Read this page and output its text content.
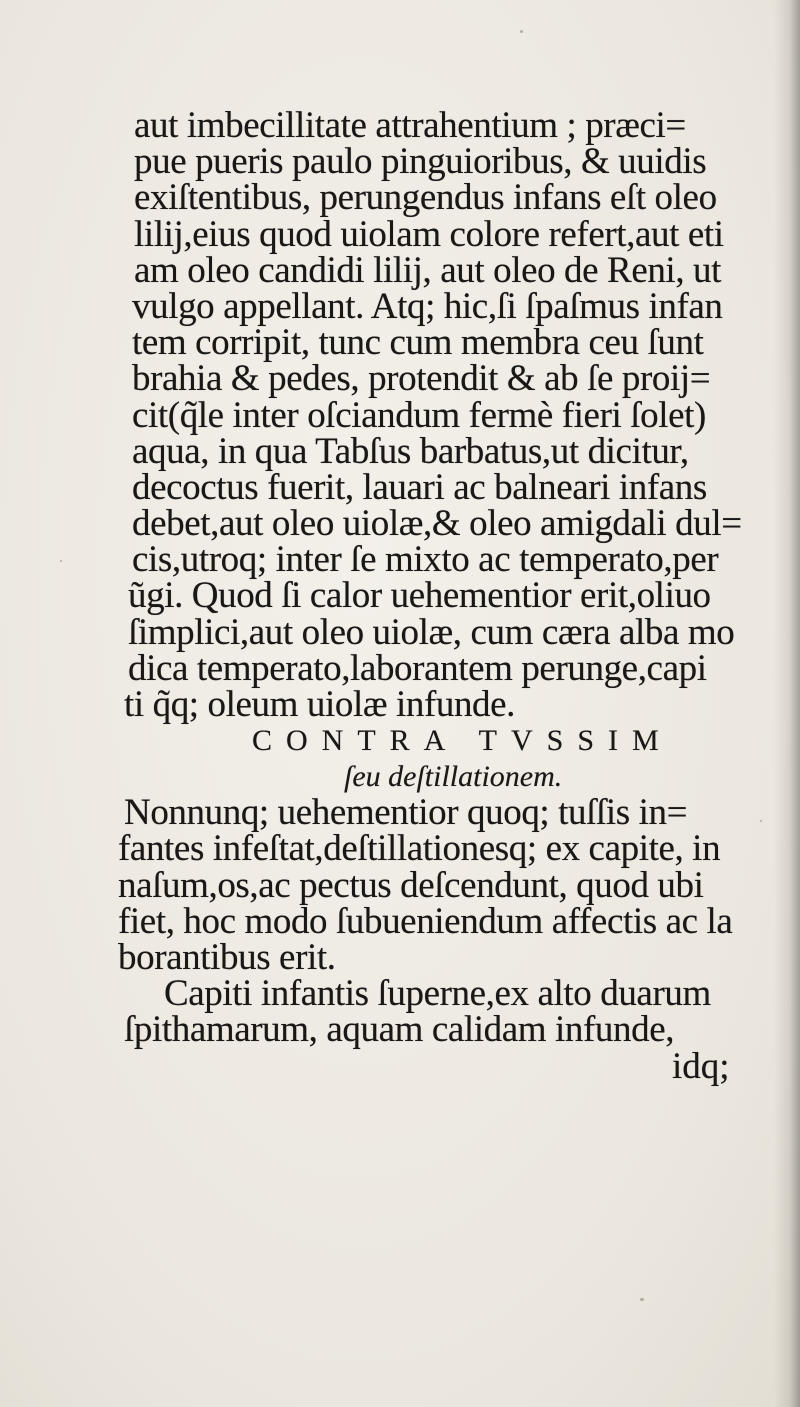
aut imbecillitate attrahentium ; præci=
pue pueris paulo pinguioribus, & uuidis
exiſtentibus, perungendus infans eſt oleo
lilij,eius quod uiolam colore refert,aut eti
am oleo candidi lilij, aut oleo de Reni, ut
vulgo appellant. Atq; hic,ſi ſpaſmus infan
tem corripit, tunc cum membra ceu ſunt
brahia & pedes, protendit & ab ſe proij=
cit(q̃le inter oſciandum fermè fieri ſolet)
aqua, in qua Tabſus barbatus,ut dicitur,
decoctus fuerit, lauari ac balneari infans
debet,aut oleo uiolæ,& oleo amigdali dul=
cis,utroq; inter ſe mixto ac temperato,per
ũgi. Quod ſi calor uehementior erit,oliuo
ſimplici,aut oleo uiolæ, cum cæra alba mo
dica temperato,laborantem perunge,capi
ti q̃q; oleum uiolæ infunde.
CONTRA TVSSIM
ſeu deſtillationem.
Nonnunq; uehementior quoq; tuſſis in=
fantes infeſtat,deſtillationesq; ex capite, in
naſum,os,ac pectus deſcendunt, quod ubi
fiet, hoc modo ſubueniendum affectis ac la
borantibus erit.
Capiti infantis ſuperne,ex alto duarum
ſpithamarum, aquam calidam infunde,
idq;
